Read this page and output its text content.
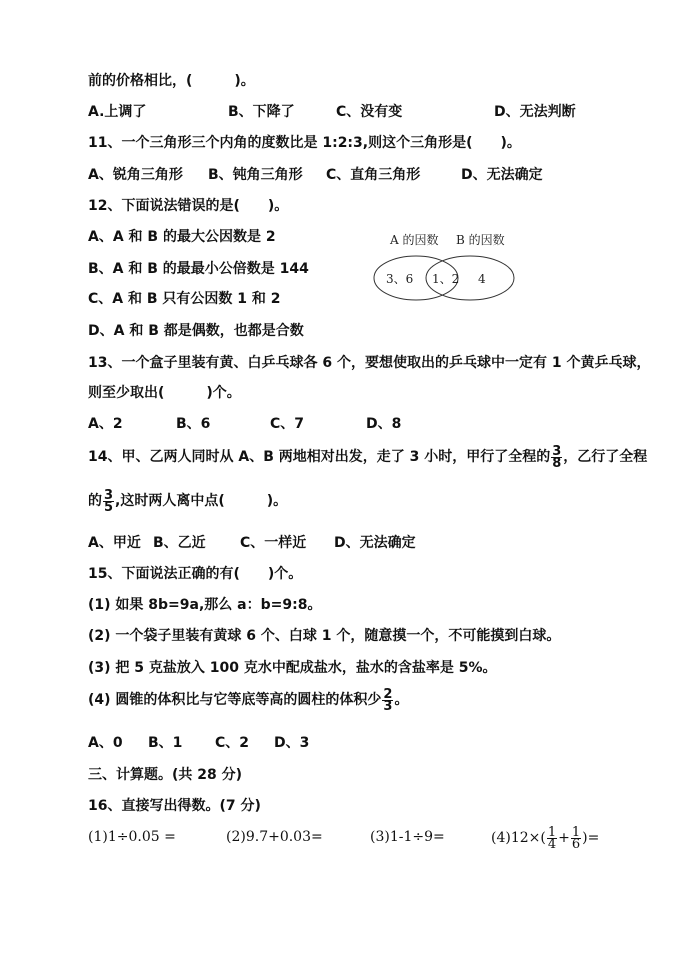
前的价格相比，(　　　)。
A.上调了	B、下降了	C、没有变	D、无法判断
11、一个三角形三个内角的度数比是 1:2:3,则这个三角形是(　　)。
A、锐角三角形 B、钝角三角形 C、直角三角形	D、无法确定
12、下面说法错误的是(　　)。
A、A 和 B 的最大公因数是 2
B、A 和 B 的最最小公倍数是 144
C、A 和 B 只有公因数 1 和 2
D、A 和 B 都是偶数，也都是合数
A 的因数 B 的因数
3、6 1、2 4
13、一个盒子里装有黄、白乒乓球各 6 个，要想使取出的乒乓球中一定有 1 个黄乒乓球，
则至少取出(　　　)个。
A、2	B、6	C、7	D、8
14、甲、乙两人同时从 A、B 两地相对出发，走了 3 小时，甲行了全程的 $\frac{3}{8}$ ，乙行了全程
的 $\frac{3}{5}$ ,这时两人离中点(　　　)。
A、甲近 B、乙近 C、一样近 D、无法确定
15、下面说法正确的有(　　)个。
(1) 如果 8b=9a,那么 a：b=9:8。
(2) 一个袋子里装有黄球 6 个、白球 1 个，随意摸一个，不可能摸到白球。
(3) 把 5 克盐放入 100 克水中配成盐水，盐水的含盐率是 5%。
(4) 圆锥的体积比与它等底等高的圆柱的体积少 $\frac{2}{3}$ 。
A、0 B、1 C、2 D、3
三、计算题。(共 28 分)
16、直接写出得数。(7 分)
(1)1÷0.05 =	(2)9.7+0.03=	(3)1-1÷9=	$(4)12\times( \frac{1}{4} + \frac{1}{6}$ )=
